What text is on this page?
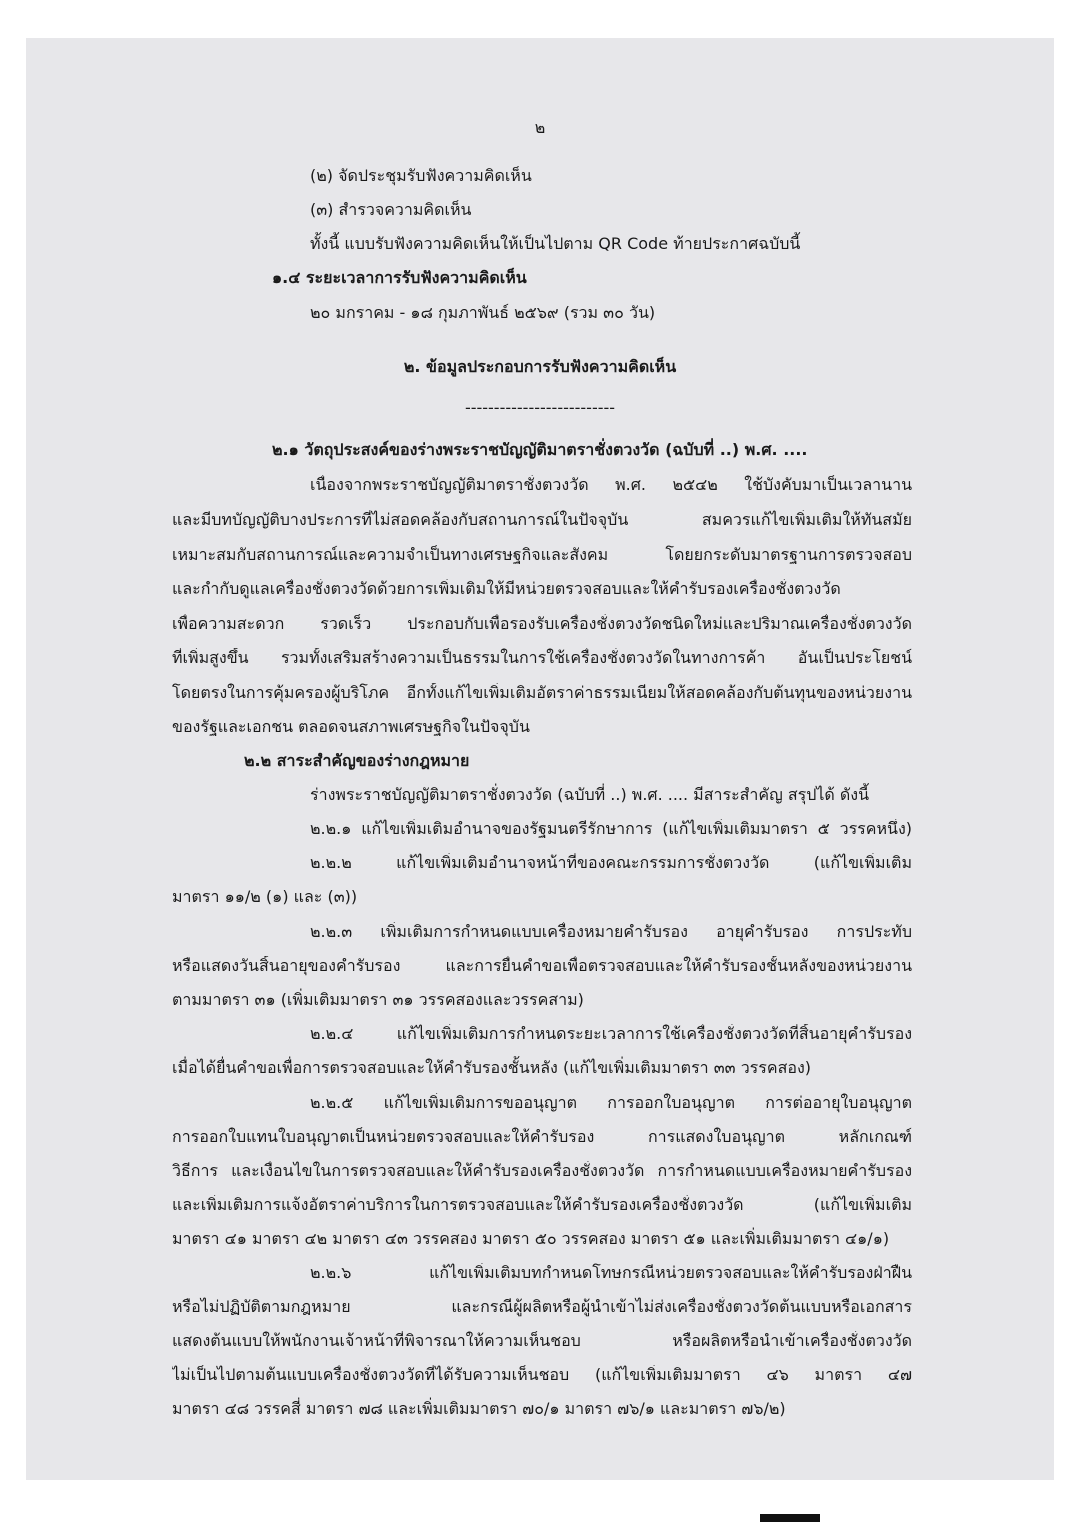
๒
(๒) จัดประชุมรับฟังความคิดเห็น
(๓) สำรวจความคิดเห็น
ทั้งนี้ แบบรับฟังความคิดเห็นให้เป็นไปตาม QR Code ท้ายประกาศฉบับนี้
๑.๔ ระยะเวลาการรับฟังความคิดเห็น
๒๐ มกราคม - ๑๘ กุมภาพันธ์ ๒๕๖๙ (รวม ๓๐ วัน)
๒. ข้อมูลประกอบการรับฟังความคิดเห็น
--------------------------
๒.๑ วัตถุประสงค์ของร่างพระราชบัญญัติมาตราชั่งตวงวัด (ฉบับที่ ..) พ.ศ. ....
เนื่องจากพระราชบัญญัติมาตราชั่งตวงวัด พ.ศ. ๒๕๔๒ ใช้บังคับมาเป็นเวลานาน
และมีบทบัญญัติบางประการที่ไม่สอดคล้องกับสถานการณ์ในปัจจุบัน สมควรแก้ไขเพิ่มเติมให้ทันสมัย
เหมาะสมกับสถานการณ์และความจำเป็นทางเศรษฐกิจและสังคม โดยยกระดับมาตรฐานการตรวจสอบ
และกำกับดูแลเครื่องชั่งตวงวัดด้วยการเพิ่มเติมให้มีหน่วยตรวจสอบและให้คำรับรองเครื่องชั่งตวงวัด
เพื่อความสะดวก รวดเร็ว ประกอบกับเพื่อรองรับเครื่องชั่งตวงวัดชนิดใหม่และปริมาณเครื่องชั่งตวงวัด
ที่เพิ่มสูงขึ้น รวมทั้งเสริมสร้างความเป็นธรรมในการใช้เครื่องชั่งตวงวัดในทางการค้า อันเป็นประโยชน์
โดยตรงในการคุ้มครองผู้บริโภค อีกทั้งแก้ไขเพิ่มเติมอัตราค่าธรรมเนียมให้สอดคล้องกับต้นทุนของหน่วยงาน
ของรัฐและเอกชน ตลอดจนสภาพเศรษฐกิจในปัจจุบัน
๒.๒ สาระสำคัญของร่างกฎหมาย
ร่างพระราชบัญญัติมาตราชั่งตวงวัด (ฉบับที่ ..) พ.ศ. .... มีสาระสำคัญ สรุปได้ ดังนี้
๒.๒.๑ แก้ไขเพิ่มเติมอำนาจของรัฐมนตรีรักษาการ (แก้ไขเพิ่มเติมมาตรา ๕ วรรคหนึ่ง)
๒.๒.๒ แก้ไขเพิ่มเติมอำนาจหน้าที่ของคณะกรรมการชั่งตวงวัด (แก้ไขเพิ่มเติม
มาตรา ๑๑/๒ (๑) และ (๓))
๒.๒.๓ เพิ่มเติมการกำหนดแบบเครื่องหมายคำรับรอง อายุคำรับรอง การประทับ
หรือแสดงวันสิ้นอายุของคำรับรอง และการยื่นคำขอเพื่อตรวจสอบและให้คำรับรองชั้นหลังของหน่วยงาน
ตามมาตรา ๓๑ (เพิ่มเติมมาตรา ๓๑ วรรคสองและวรรคสาม)
๒.๒.๔ แก้ไขเพิ่มเติมการกำหนดระยะเวลาการใช้เครื่องชั่งตวงวัดที่สิ้นอายุคำรับรอง
เมื่อได้ยื่นคำขอเพื่อการตรวจสอบและให้คำรับรองชั้นหลัง (แก้ไขเพิ่มเติมมาตรา ๓๓ วรรคสอง)
๒.๒.๕ แก้ไขเพิ่มเติมการขออนุญาต การออกใบอนุญาต การต่ออายุใบอนุญาต
การออกใบแทนใบอนุญาตเป็นหน่วยตรวจสอบและให้คำรับรอง การแสดงใบอนุญาต หลักเกณฑ์
วิธีการ และเงื่อนไขในการตรวจสอบและให้คำรับรองเครื่องชั่งตวงวัด การกำหนดแบบเครื่องหมายคำรับรอง
และเพิ่มเติมการแจ้งอัตราค่าบริการในการตรวจสอบและให้คำรับรองเครื่องชั่งตวงวัด (แก้ไขเพิ่มเติม
มาตรา ๔๑ มาตรา ๔๒ มาตรา ๔๓ วรรคสอง มาตรา ๕๐ วรรคสอง มาตรา ๕๑ และเพิ่มเติมมาตรา ๔๑/๑)
๒.๒.๖ แก้ไขเพิ่มเติมบทกำหนดโทษกรณีหน่วยตรวจสอบและให้คำรับรองฝ่าฝืน
หรือไม่ปฏิบัติตามกฎหมาย และกรณีผู้ผลิตหรือผู้นำเข้าไม่ส่งเครื่องชั่งตวงวัดต้นแบบหรือเอกสาร
แสดงต้นแบบให้พนักงานเจ้าหน้าที่พิจารณาให้ความเห็นชอบ หรือผลิตหรือนำเข้าเครื่องชั่งตวงวัด
ไม่เป็นไปตามต้นแบบเครื่องชั่งตวงวัดที่ได้รับความเห็นชอบ (แก้ไขเพิ่มเติมมาตรา ๔๖ มาตรา ๔๗
มาตรา ๔๘ วรรคสี่ มาตรา ๗๘ และเพิ่มเติมมาตรา ๗๐/๑ มาตรา ๗๖/๑ และมาตรา ๗๖/๒)
